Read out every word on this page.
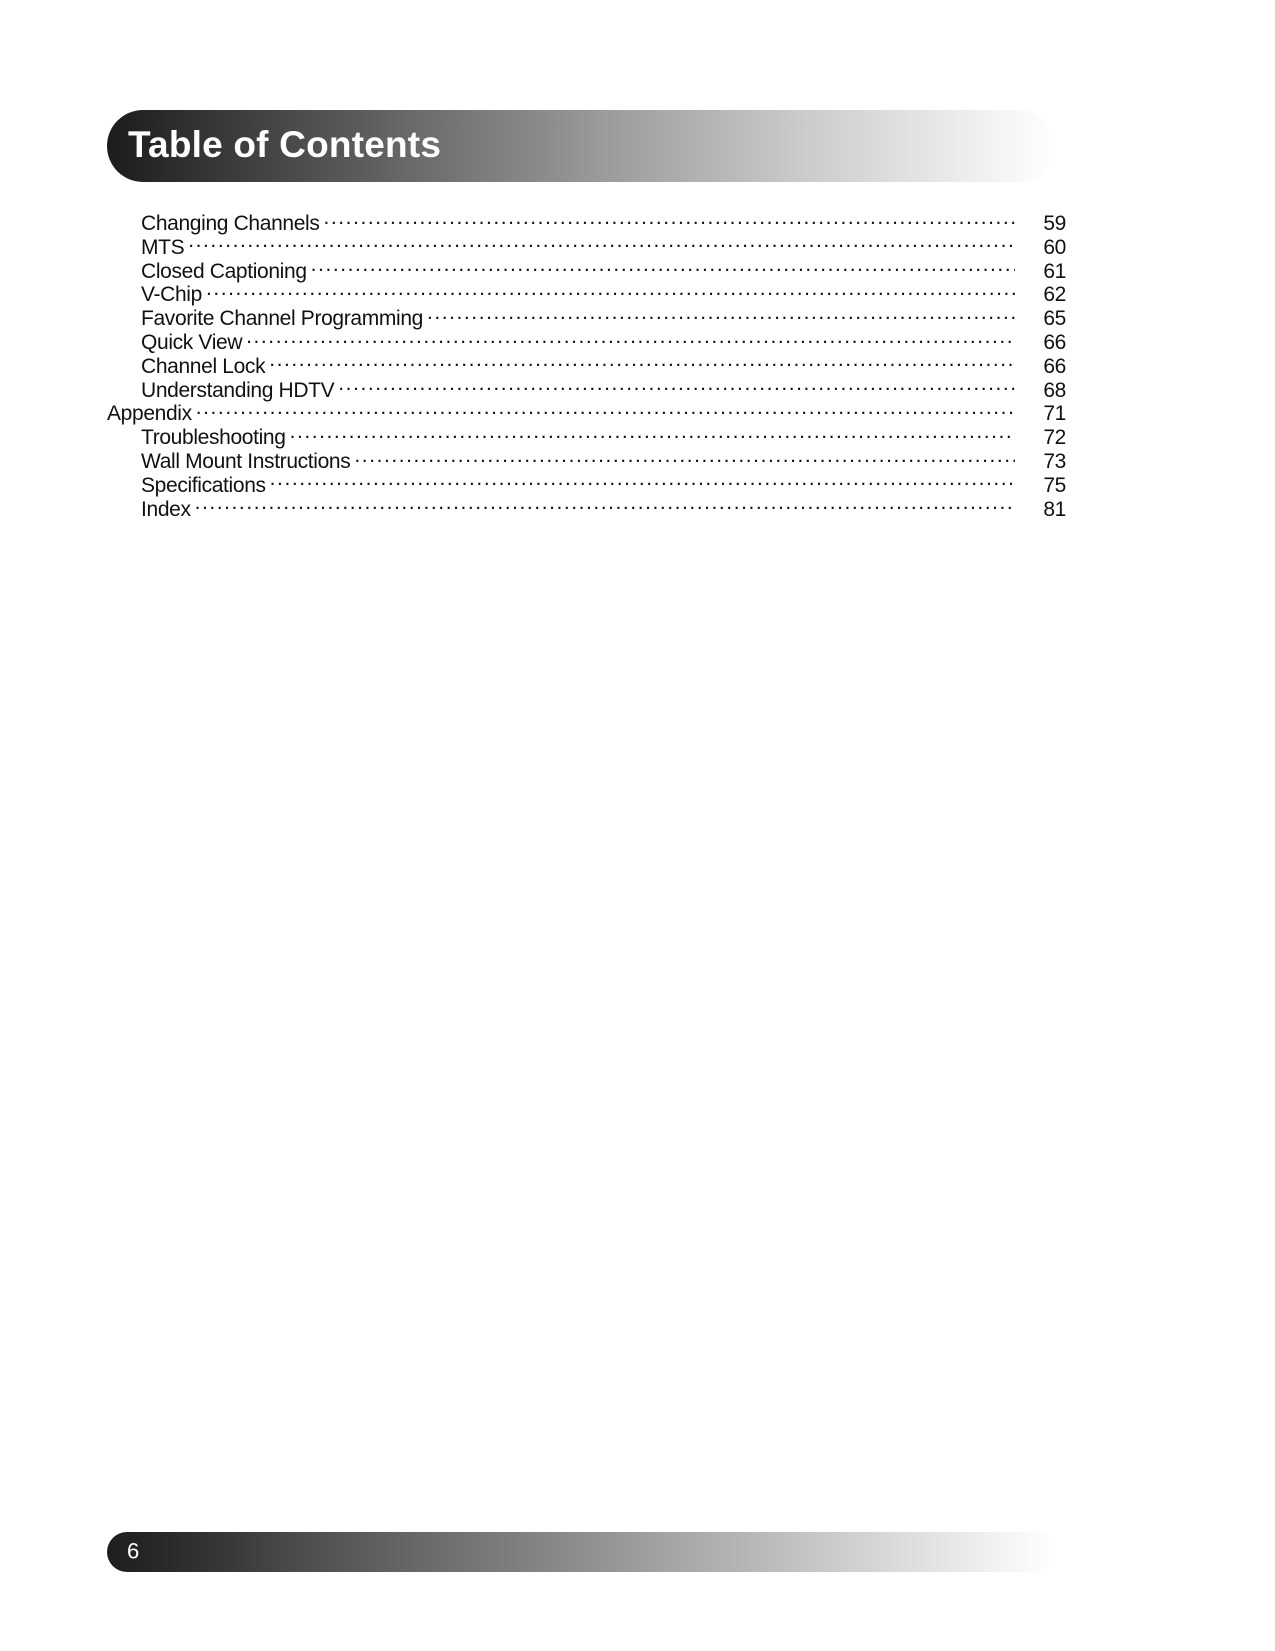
Table of Contents
Changing Channels .....	59
MTS .....	60
Closed Captioning .....	61
V-Chip .....	62
Favorite Channel Programming .....	65
Quick View .....	66
Channel Lock .....	66
Understanding HDTV .....	68
Appendix .....	71
Troubleshooting .....	72
Wall Mount Instructions .....	73
Specifications .....	75
Index .....	81
6
